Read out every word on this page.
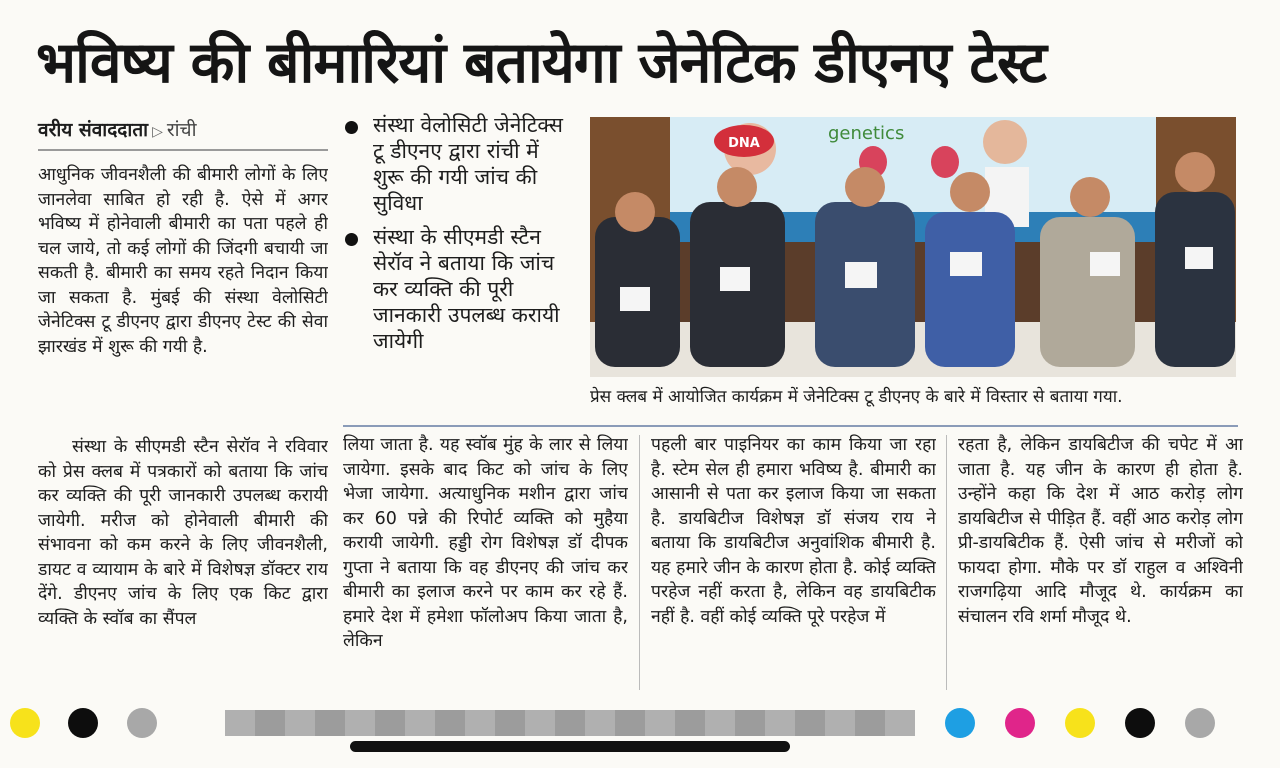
भविष्य की बीमारियां बतायेगा जेनेटिक डीएनए टेस्ट
वरीय संवाददाता ▷ रांची

आधुनिक जीवनशैली की बीमारी लोगों के लिए जानलेवा साबित हो रही है. ऐसे में अगर भविष्य में होनेवाली बीमारी का पता पहले ही चल जाये, तो कई लोगों की जिंदगी बचायी जा सकती है. बीमारी का समय रहते निदान किया जा सकता है. मुंबई की संस्था वेलोसिटी जेनेटिक्स टू डीएनए द्वारा डीएनए टेस्ट की सेवा झारखंड में शुरू की गयी है.

संस्था के सीएमडी स्टैन सेरॉव ने रविवार को प्रेस क्लब में पत्रकारों को बताया कि जांच कर व्यक्ति की पूरी जानकारी उपलब्ध करायी जायेगी. मरीज को होनेवाली बीमारी की संभावना को कम करने के लिए जीवनशैली, डायट व व्यायाम के बारे में विशेषज्ञ डॉक्टर राय देंगे. डीएनए जांच के लिए एक किट द्वारा व्यक्ति के स्वॉब का सैंपल

संस्था वेलोसिटी जेनेटिक्स टू डीएनए द्वारा रांची में शुरू की गयी जांच की सुविधा
संस्था के सीएमडी स्टैन सेरॉव ने बताया कि जांच कर व्यक्ति की पूरी जानकारी उपलब्ध करायी जायेगी
DNA	genetics
प्रेस क्लब में आयोजित कार्यक्रम में जेनेटिक्स टू डीएनए के बारे में विस्तार से बताया गया.
लिया जाता है. यह स्वॉब मुंह के लार से लिया जायेगा. इसके बाद किट को जांच के लिए भेजा जायेगा. अत्याधुनिक मशीन द्वारा जांच कर 60 पन्ने की रिपोर्ट व्यक्ति को मुहैया करायी जायेगी. हड्डी रोग विशेषज्ञ डॉ दीपक गुप्ता ने बताया कि वह डीएनए की जांच कर बीमारी का इलाज करने पर काम कर रहे हैं. हमारे देश में हमेशा फॉलोअप किया जाता है, लेकिन
पहली बार पाइनियर का काम किया जा रहा है. स्टेम सेल ही हमारा भविष्य है. बीमारी का आसानी से पता कर इलाज किया जा सकता है. डायबिटीज विशेषज्ञ डॉ संजय राय ने बताया कि डायबिटीज अनुवांशिक बीमारी है. यह हमारे जीन के कारण होता है. कोई व्यक्ति परहेज नहीं करता है, लेकिन वह डायबिटीक नहीं है. वहीं कोई व्यक्ति पूरे परहेज में
रहता है, लेकिन डायबिटीज की चपेट में आ जाता है. यह जीन के कारण ही होता है. उन्होंने कहा कि देश में आठ करोड़ लोग डायबिटीज से पीड़ित हैं. वहीं आठ करोड़ लोग प्री-डायबिटीक हैं. ऐसी जांच से मरीजों को फायदा होगा. मौके पर डॉ राहुल व अश्विनी राजगढ़िया आदि मौजूद थे. कार्यक्रम का संचालन रवि शर्मा मौजूद थे.
